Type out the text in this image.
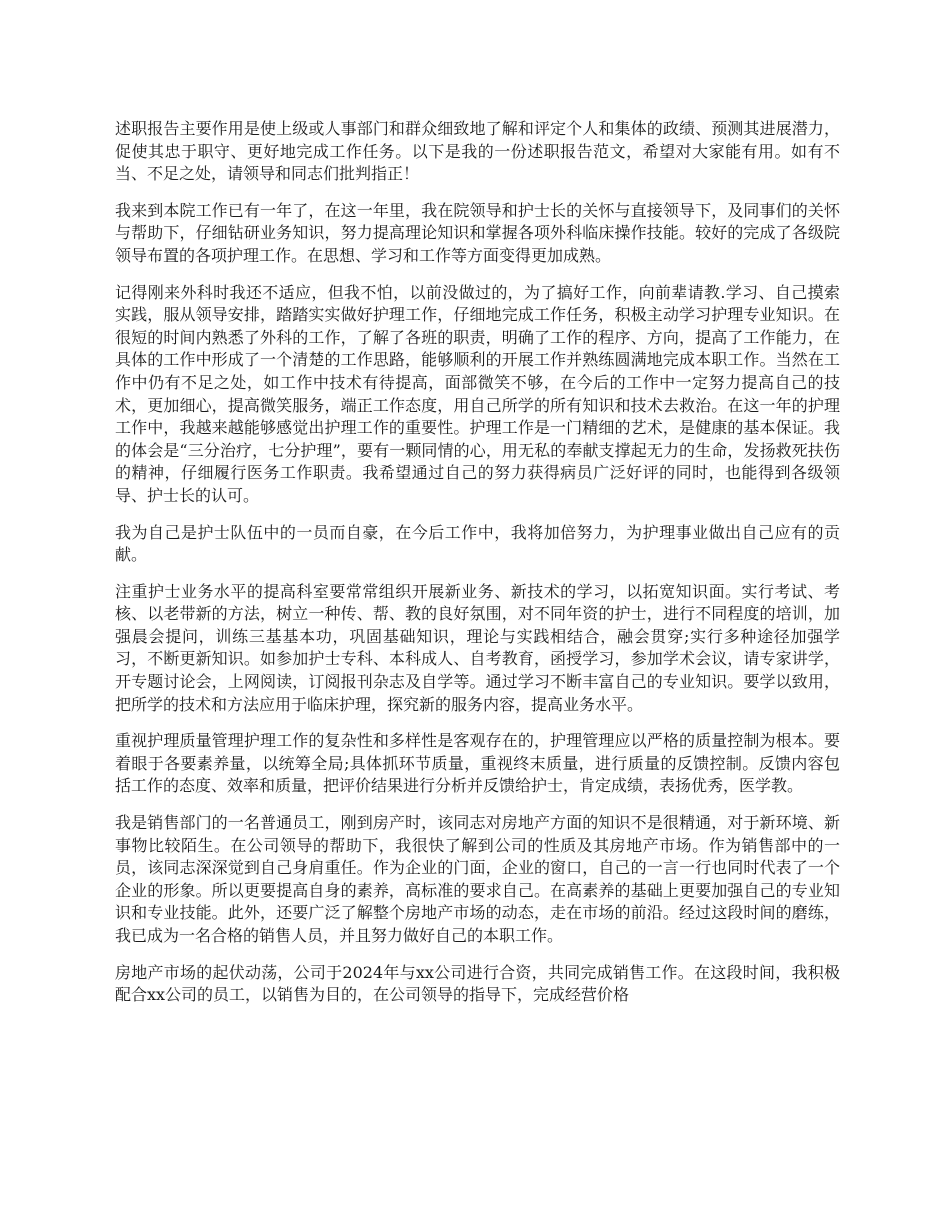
述职报告主要作用是使上级或人事部门和群众细致地了解和评定个人和集体的政绩、预测其进展潜力，促使其忠于职守、更好地完成工作任务。以下是我的一份述职报告范文，希望对大家能有用。如有不当、不足之处，请领导和同志们批判指正！

我来到本院工作已有一年了，在这一年里，我在院领导和护士长的关怀与直接领导下，及同事们的关怀与帮助下，仔细钻研业务知识，努力提高理论知识和掌握各项外科临床操作技能。较好的完成了各级院领导布置的各项护理工作。在思想、学习和工作等方面变得更加成熟。

记得刚来外科时我还不适应，但我不怕，以前没做过的，为了搞好工作，向前辈请教.学习、自己摸索实践，服从领导安排，踏踏实实做好护理工作，仔细地完成工作任务，积极主动学习护理专业知识。在很短的时间内熟悉了外科的工作，了解了各班的职责，明确了工作的程序、方向，提高了工作能力，在具体的工作中形成了一个清楚的工作思路，能够顺利的开展工作并熟练圆满地完成本职工作。当然在工作中仍有不足之处，如工作中技术有待提高，面部微笑不够，在今后的工作中一定努力提高自己的技术，更加细心，提高微笑服务，端正工作态度，用自己所学的所有知识和技术去救治。在这一年的护理工作中，我越来越能够感觉出护理工作的重要性。护理工作是一门精细的艺术，是健康的基本保证。我的体会是“三分治疗，七分护理”，要有一颗同情的心，用无私的奉献支撑起无力的生命，发扬救死扶伤的精神，仔细履行医务工作职责。我希望通过自己的努力获得病员广泛好评的同时，也能得到各级领导、护士长的认可。

我为自己是护士队伍中的一员而自豪，在今后工作中，我将加倍努力，为护理事业做出自己应有的贡献。

注重护士业务水平的提高科室要常常组织开展新业务、新技术的学习，以拓宽知识面。实行考试、考核、以老带新的方法，树立一种传、帮、教的良好氛围，对不同年资的护士，进行不同程度的培训，加强晨会提问，训练三基基本功，巩固基础知识，理论与实践相结合，融会贯穿;实行多种途径加强学习，不断更新知识。如参加护士专科、本科成人、自考教育，函授学习，参加学术会议，请专家讲学，开专题讨论会，上网阅读，订阅报刊杂志及自学等。通过学习不断丰富自己的专业知识。要学以致用，把所学的技术和方法应用于临床护理，探究新的服务内容，提高业务水平。

重视护理质量管理护理工作的复杂性和多样性是客观存在的，护理管理应以严格的质量控制为根本。要着眼于各要素养量，以统筹全局;具体抓环节质量，重视终末质量，进行质量的反馈控制。反馈内容包括工作的态度、效率和质量，把评价结果进行分析并反馈给护士，肯定成绩，表扬优秀，医学教。

我是销售部门的一名普通员工，刚到房产时，该同志对房地产方面的知识不是很精通，对于新环境、新事物比较陌生。在公司领导的帮助下，我很快了解到公司的性质及其房地产市场。作为销售部中的一员，该同志深深觉到自己身肩重任。作为企业的门面，企业的窗口，自己的一言一行也同时代表了一个企业的形象。所以更要提高自身的素养，高标准的要求自己。在高素养的基础上更要加强自己的专业知识和专业技能。此外，还要广泛了解整个房地产市场的动态，走在市场的前沿。经过这段时间的磨练，我已成为一名合格的销售人员，并且努力做好自己的本职工作。

房地产市场的起伏动荡，公司于2024年与xx公司进行合资，共同完成销售工作。在这段时间，我积极配合xx公司的员工，以销售为目的，在公司领导的指导下，完成经营价格
